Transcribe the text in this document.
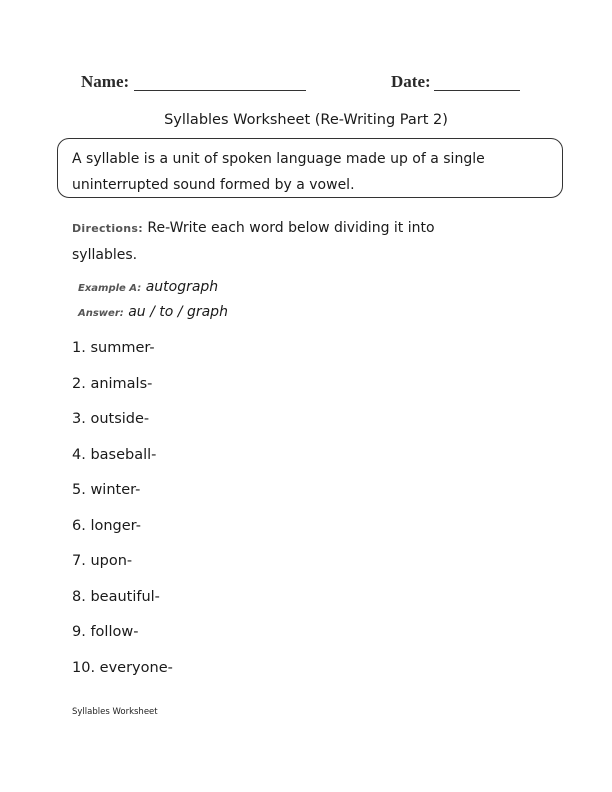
Name:	Date:
Syllables Worksheet (Re-Writing Part 2)
A syllable is a unit of spoken language made up of a single
uninterrupted sound formed by a vowel.
Directions: Re-Write each word below dividing it into syllables.
Example A: autograph
Answer: au / to / graph
1. summer-
2. animals-
3. outside-
4. baseball-
5. winter-
6. longer-
7. upon-
8. beautiful-
9. follow-
10. everyone-
Syllables Worksheet
